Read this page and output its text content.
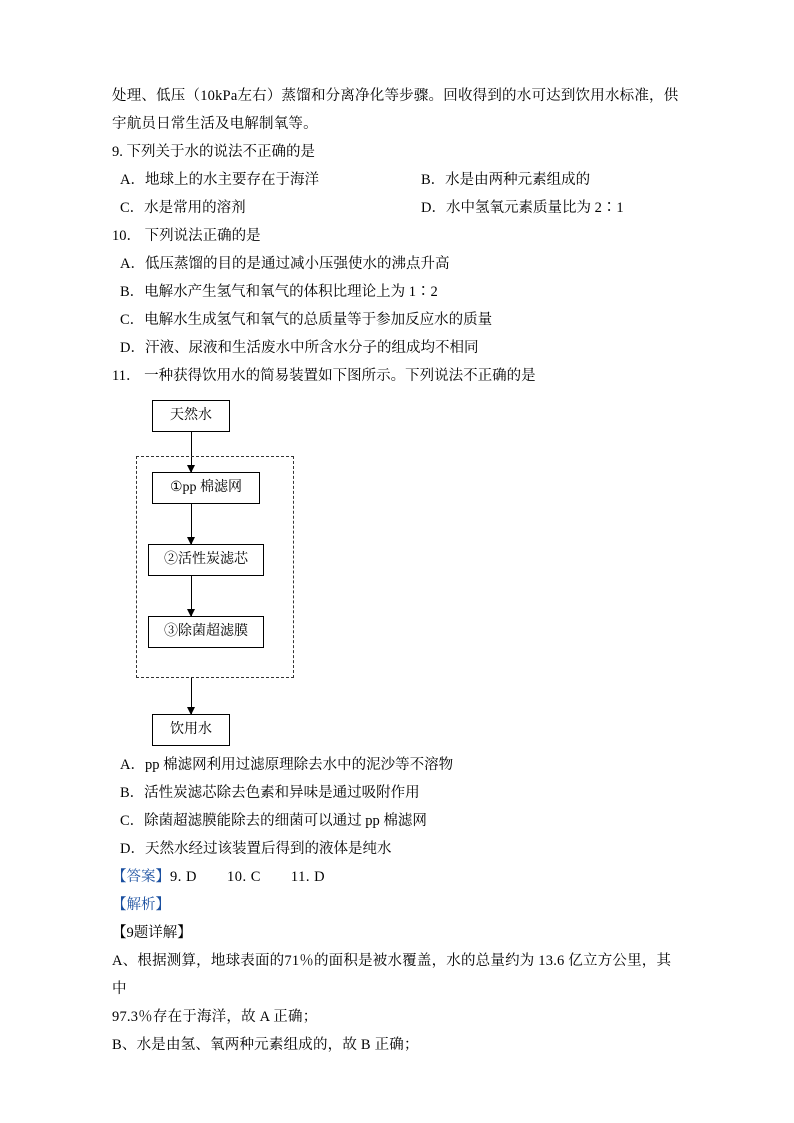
处理、低压（10kPa左右）蒸馏和分离净化等步骤。回收得到的水可达到饮用水标准，供宇航员日常生活及电解制氧等。
9. 下列关于水的说法不正确的是
A．地球上的水主要存在于海洋	B．水是由两种元素组成的
C．水是常用的溶剂	D．水中氢氧元素质量比为 2∶1
10． 下列说法正确的是
A．低压蒸馏的目的是通过减小压强使水的沸点升高
B．电解水产生氢气和氧气的体积比理论上为 1∶2
C．电解水生成氢气和氧气的总质量等于参加反应水的质量
D．汗液、尿液和生活废水中所含水分子的组成均不相同
11． 一种获得饮用水的简易装置如下图所示。下列说法不正确的是
天然水
①pp 棉滤网
②活性炭滤芯
③除菌超滤膜
饮用水
A．pp 棉滤网利用过滤原理除去水中的泥沙等不溶物
B．活性炭滤芯除去色素和异味是通过吸附作用
C．除菌超滤膜能除去的细菌可以通过 pp 棉滤网
D．天然水经过该装置后得到的液体是纯水
【答案】9. D　　10. C　　11. D
【解析】
【9题详解】
A、根据测算，地球表面的71％的面积是被水覆盖，水的总量约为 13.6 亿立方公里，其中
97.3％存在于海洋，故 A 正确；
B、水是由氢、氧两种元素组成的，故 B 正确；
